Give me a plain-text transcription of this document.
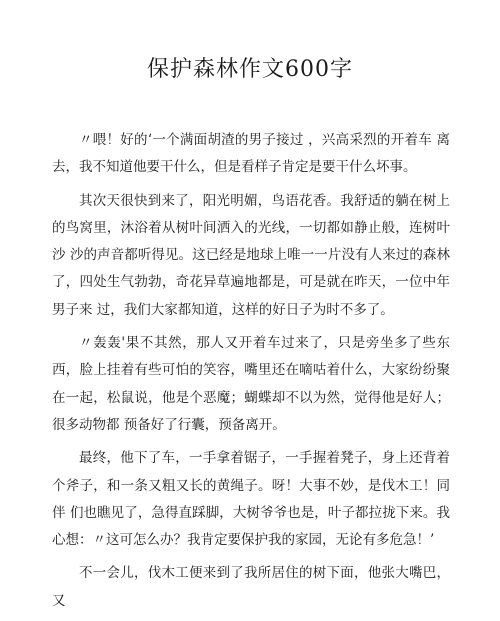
保护森林作文600字

〃喂！好的‘一个满面胡渣的男子接过 ，兴高采烈的开着车 离去，我不知道他要干什么，但是看样子肯定是要干什么坏事。

其次天很快到来了，阳光明媚，鸟语花香。我舒适的躺在树上 的鸟窝里，沐浴着从树叶间洒入的光线，一切都如静止般，连树叶沙 沙的声音都听得见。这已经是地球上唯一一片没有人来过的森林了，四处生气勃勃，奇花异草遍地都是，可是就在昨天，一位中年男子来 过，我们大家都知道，这样的好日子为时不多了。

〃轰轰'果不其然，那人又开着车过来了，只是旁坐多了些东西，脸上挂着有些可怕的笑容，嘴里还在嘀咕着什么，大家纷纷聚在一起，松鼠说，他是个恶魔；蝴蝶却不以为然，觉得他是好人；很多动物都 预备好了行囊，预备离开。

最终，他下了车，一手拿着锯子，一手握着凳子，身上还背着 个斧子，和一条又粗又长的黄绳子。呀！大事不妙，是伐木工！同伴 们也瞧见了，急得直踩脚，大树爷爷也是，叶子都拉拢下来。我心想：〃这可怎么办？我肯定要保护我的家园，无论有多危急！’

不一会儿，伐木工便来到了我所居住的树下面，他张大嘴巴，又
